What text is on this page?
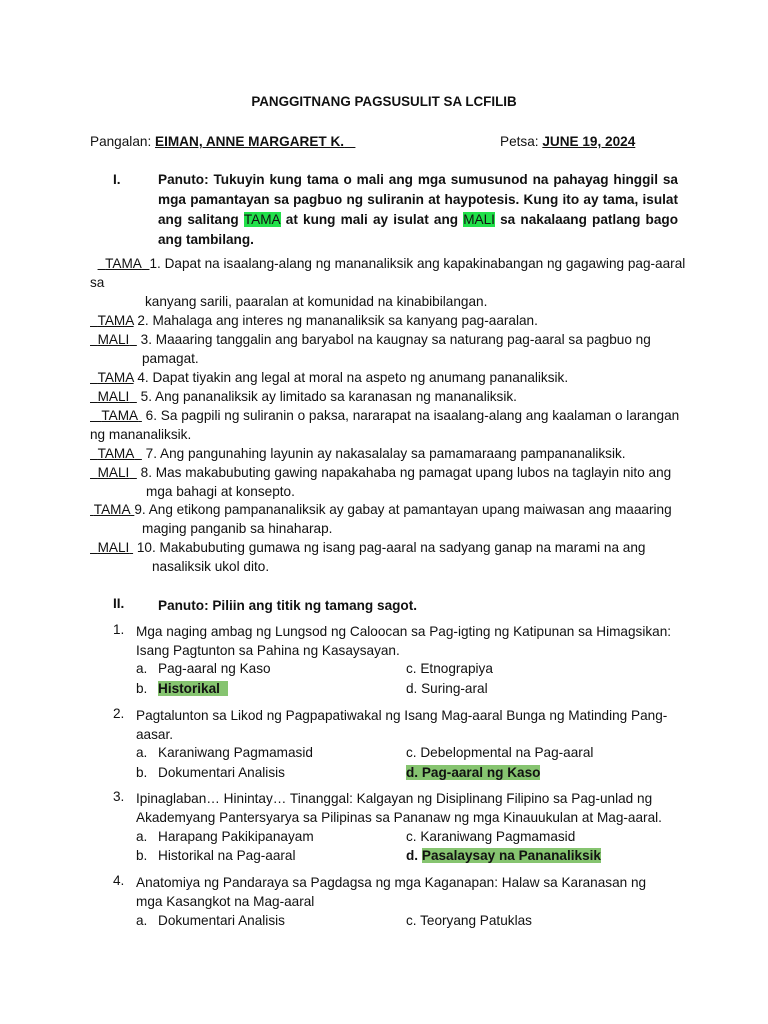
PANGGITNANG PAGSUSULIT SA LCFILIB
Pangalan: EIMAN, ANNE MARGARET K.	Petsa: JUNE 19, 2024
I.	Panuto: Tukuyin kung tama o mali ang mga sumusunod na pahayag hinggil sa mga pamantayan sa pagbuo ng suliranin at haypotesis. Kung ito ay tama, isulat ang salitang TAMA at kung mali ay isulat ang MALI sa nakalaang patlang bago ang tambilang.
TAMA 1. Dapat na isaalang-alang ng mananaliksik ang kapakinabangan ng gagawing pag-aaral
sa
kanyang sarili, paaralan at komunidad na kinabibilangan.
TAMA 2. Mahalaga ang interes ng mananaliksik sa kanyang pag-aaralan.
MALI 3. Maaaring tanggalin ang baryabol na kaugnay sa naturang pag-aaral sa pagbuo ng
pamagat.
TAMA 4. Dapat tiyakin ang legal at moral na aspeto ng anumang pananaliksik.
MALI 5. Ang pananaliksik ay limitado sa karanasan ng mananaliksik.
TAMA 6. Sa pagpili ng suliranin o paksa, nararapat na isaalang-alang ang kaalaman o larangan
ng mananaliksik.
TAMA 7. Ang pangunahing layunin ay nakasalalay sa pamamaraang pampananaliksik.
MALI 8. Mas makabubuting gawing napakahaba ng pamagat upang lubos na taglayin nito ang
mga bahagi at konsepto.
TAMA 9. Ang etikong pampananaliksik ay gabay at pamantayan upang maiwasan ang maaaring
maging panganib sa hinaharap.
MALI 10. Makabubuting gumawa ng isang pag-aaral na sadyang ganap na marami na ang
nasaliksik ukol dito.
II. Panuto: Piliin ang titik ng tamang sagot.
1. Mga naging ambag ng Lungsod ng Caloocan sa Pag-igting ng Katipunan sa Himagsikan: Isang Pagtunton sa Pahina ng Kasaysayan.
a. Pag-aaral ng Kaso	c. Etnograpiya
b. Historikal	d. Suring-aral
2. Pagtalunton sa Likod ng Pagpapatiwakal ng Isang Mag-aaral Bunga ng Matinding Pang-aasar.
a. Karaniwang Pagmamasid	c. Debelopmental na Pag-aaral
b. Dokumentari Analisis	d. Pag-aaral ng Kaso
3. Ipinaglaban… Hinintay… Tinanggal: Kalgayan ng Disiplinang Filipino sa Pag-unlad ng Akademyang Pantersyarya sa Pilipinas sa Pananaw ng mga Kinauukulan at Mag-aaral.
a. Harapang Pakikipanayam	c. Karaniwang Pagmamasid
b. Historikal na Pag-aaral	d. Pasalaysay na Pananaliksik
4. Anatomiya ng Pandaraya sa Pagdagsa ng mga Kaganapan: Halaw sa Karanasan ng mga Kasangkot na Mag-aaral
a. Dokumentari Analisis	c. Teoryang Patuklas
